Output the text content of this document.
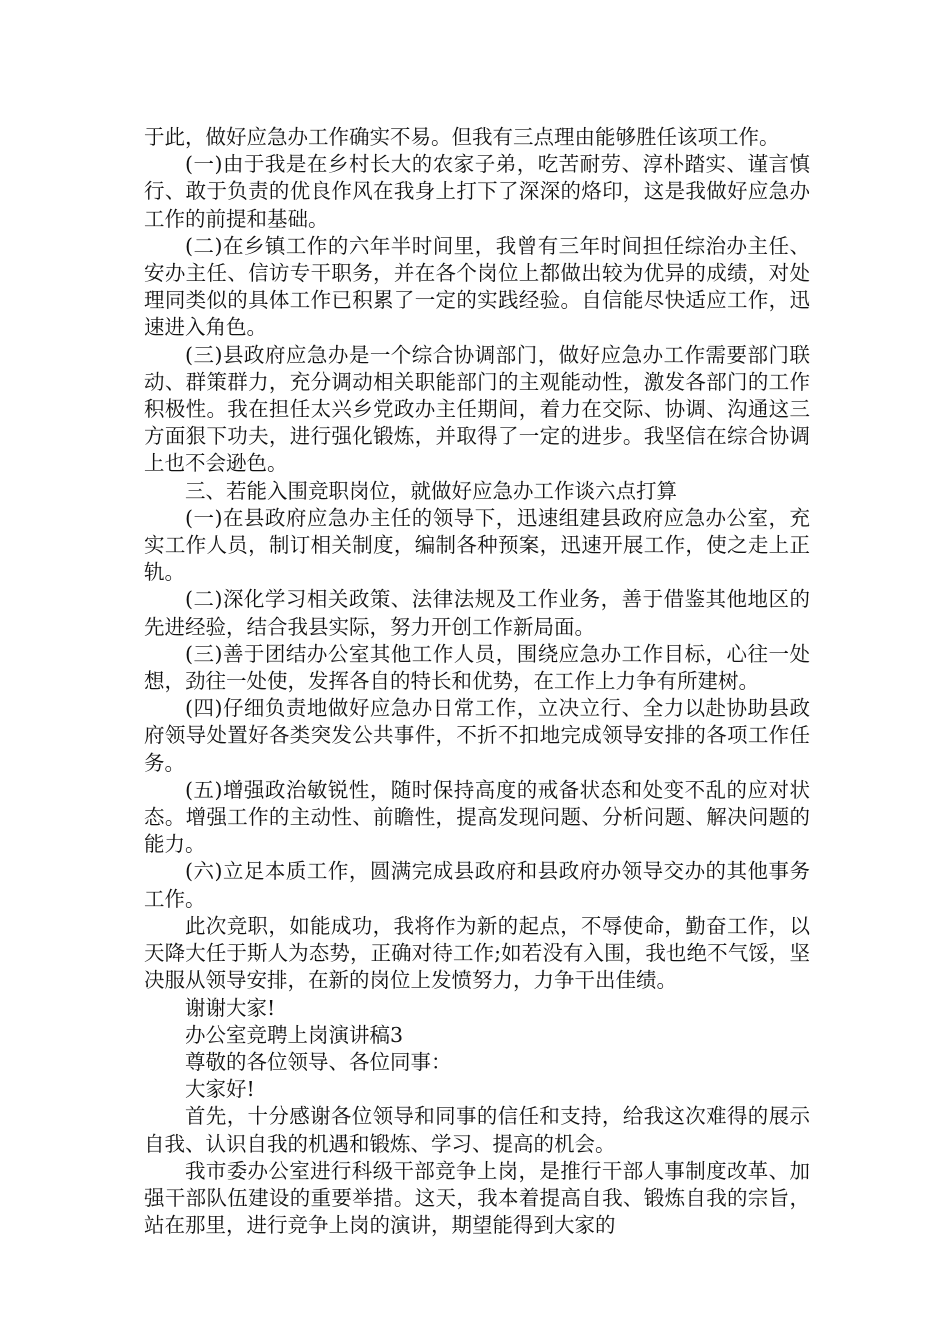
于此，做好应急办工作确实不易。但我有三点理由能够胜任该项工作。

(一)由于我是在乡村长大的农家子弟，吃苦耐劳、淳朴踏实、谨言慎行、敢于负责的优良作风在我身上打下了深深的烙印，这是我做好应急办工作的前提和基础。

(二)在乡镇工作的六年半时间里，我曾有三年时间担任综治办主任、安办主任、信访专干职务，并在各个岗位上都做出较为优异的成绩，对处理同类似的具体工作已积累了一定的实践经验。自信能尽快适应工作，迅速进入角色。

(三)县政府应急办是一个综合协调部门，做好应急办工作需要部门联动、群策群力，充分调动相关职能部门的主观能动性，激发各部门的工作积极性。我在担任太兴乡党政办主任期间，着力在交际、协调、沟通这三方面狠下功夫，进行强化锻炼，并取得了一定的进步。我坚信在综合协调上也不会逊色。

三、若能入围竞职岗位，就做好应急办工作谈六点打算

(一)在县政府应急办主任的领导下，迅速组建县政府应急办公室，充实工作人员，制订相关制度，编制各种预案，迅速开展工作，使之走上正轨。

(二)深化学习相关政策、法律法规及工作业务，善于借鉴其他地区的先进经验，结合我县实际，努力开创工作新局面。

(三)善于团结办公室其他工作人员，围绕应急办工作目标，心往一处想，劲往一处使，发挥各自的特长和优势，在工作上力争有所建树。

(四)仔细负责地做好应急办日常工作，立决立行、全力以赴协助县政府领导处置好各类突发公共事件，不折不扣地完成领导安排的各项工作任务。

(五)增强政治敏锐性，随时保持高度的戒备状态和处变不乱的应对状态。增强工作的主动性、前瞻性，提高发现问题、分析问题、解决问题的能力。

(六)立足本质工作，圆满完成县政府和县政府办领导交办的其他事务工作。

此次竞职，如能成功，我将作为新的起点，不辱使命，勤奋工作，以天降大任于斯人为态势，正确对待工作;如若没有入围，我也绝不气馁，坚决服从领导安排，在新的岗位上发愤努力，力争干出佳绩。

谢谢大家!

办公室竞聘上岗演讲稿3

尊敬的各位领导、各位同事：

大家好!

首先，十分感谢各位领导和同事的信任和支持，给我这次难得的展示自我、认识自我的机遇和锻炼、学习、提高的机会。

我市委办公室进行科级干部竞争上岗，是推行干部人事制度改革、加强干部队伍建设的重要举措。这天，我本着提高自我、锻炼自我的宗旨，站在那里，进行竞争上岗的演讲，期望能得到大家的
